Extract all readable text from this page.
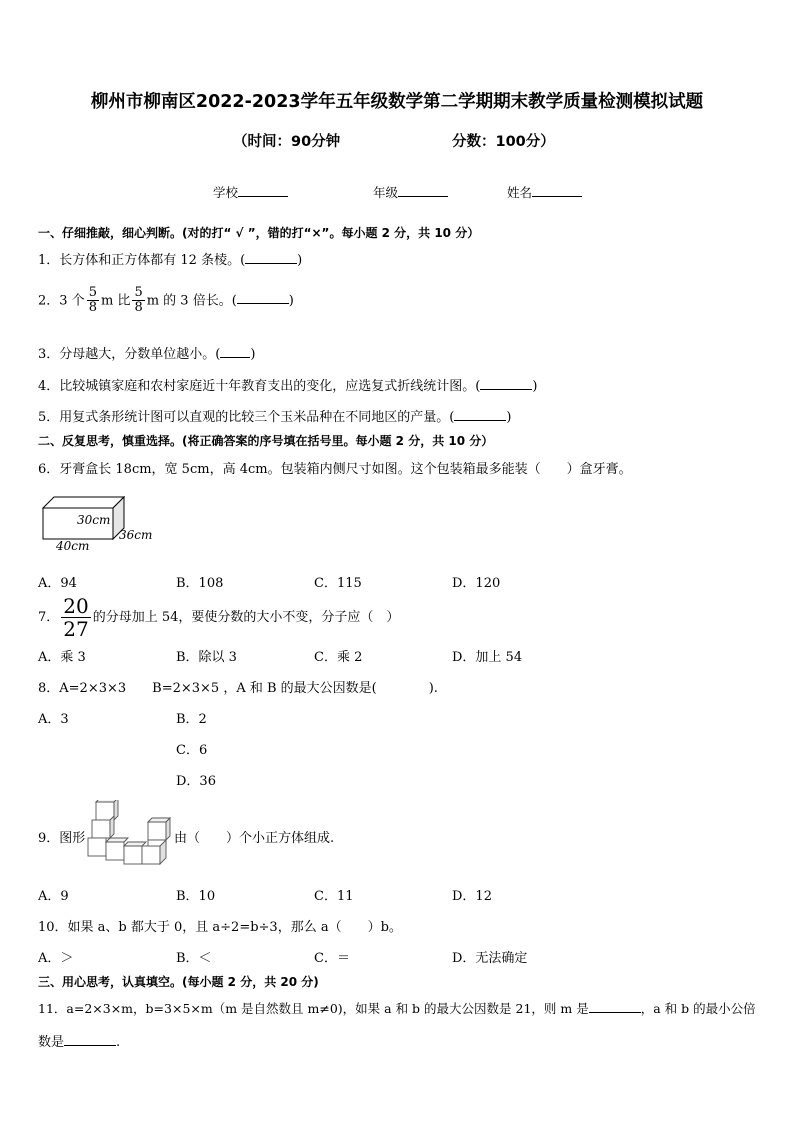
柳州市柳南区2022-2023学年五年级数学第二学期期末教学质量检测模拟试题
（时间：90分钟	分数：100分）
学校	年级	姓名
一、仔细推敲，细心判断。(对的打“ √ ”，错的打“×”。每小题 2 分，共 10 分）
1．长方体和正方体都有 12 条棱。(	)
2．3 个 $\frac{5}{8}$ m 比 $\frac{5}{8}$ m 的 3 倍长。(	)
3．分母越大，分数单位越小。( )
4．比较城镇家庭和农村家庭近十年教育支出的变化，应选复式折线统计图。(	)
5．用复式条形统计图可以直观的比较三个玉米品种在不同地区的产量。(	)
二、反复思考，慎重选择。(将正确答案的序号填在括号里。每小题 2 分，共 10 分）
6．牙膏盒长 18cm，宽 5cm，高 4cm。包装箱内侧尺寸如图。这个包装箱最多能装（　　）盒牙膏。
30cm
36cm
40cm
A．94	B．108	C．115	D．120
7． $\frac{20}{27}$ 的分母加上 54，要使分数的大小不变，分子应（　）
A．乘 3	B．除以 3	C．乘 2	D．加上 54
8．A=2×3×3　　B=2×3×5 ，A 和 B 的最大公因数是(　　　　).
A．3	B．2
C．6
D．36
9．图形	由（　　）个小正方体组成.
A．9	B．10	C．11	D．12
10．如果 a、b 都大于 0，且 a÷2=b÷3，那么 a（　　）b。
A．＞	B．＜	C．＝	D．无法确定
三、用心思考，认真填空。(每小题 2 分，共 20 分)
11．a=2×3×m，b=3×5×m（m 是自然数且 m≠0)，如果 a 和 b 的最大公因数是 21，则 m 是	，a 和 b 的最小公倍
数是	.
